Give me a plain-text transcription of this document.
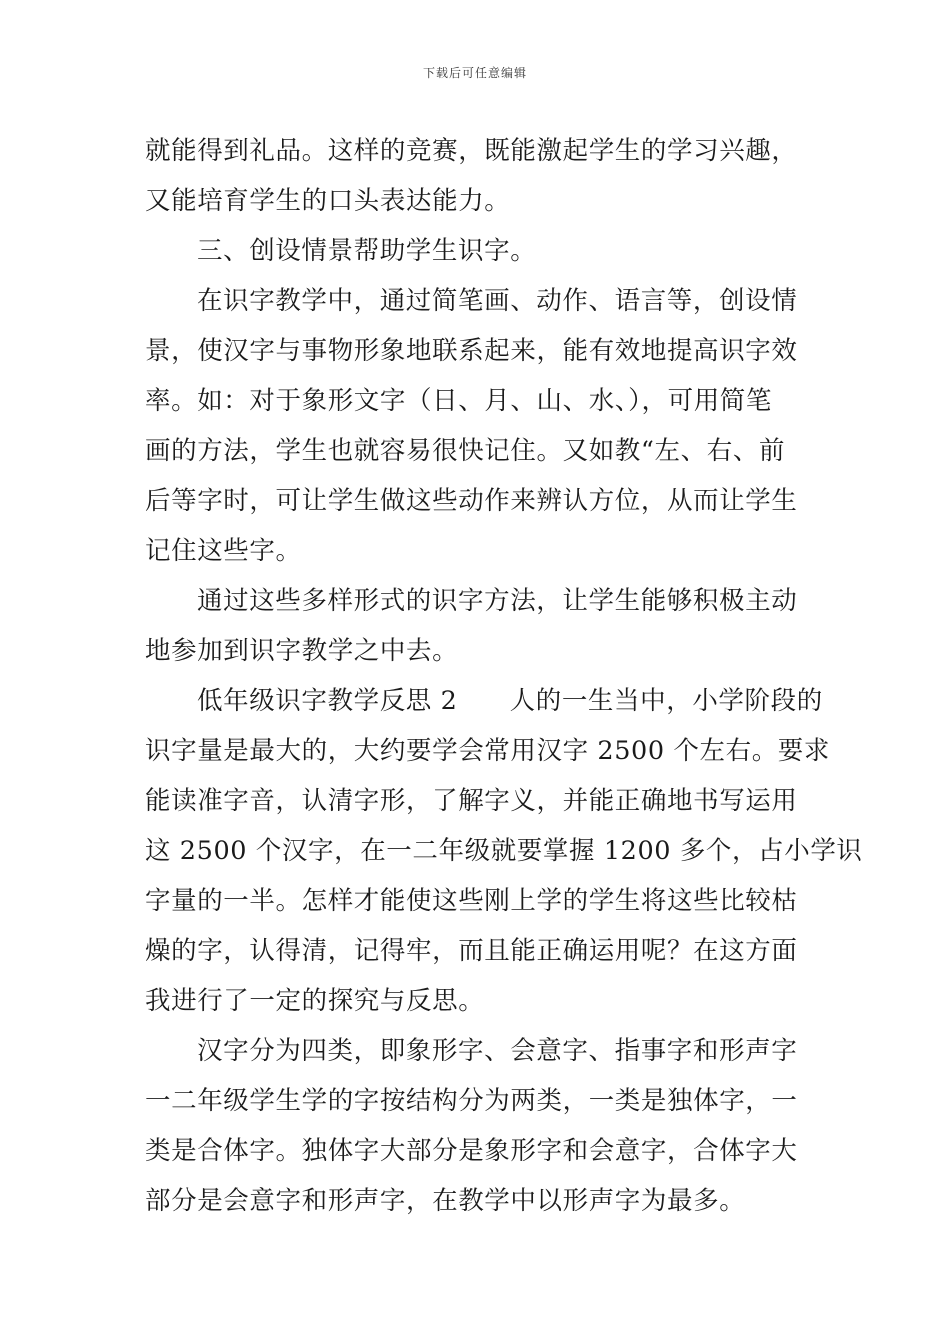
下载后可任意编辑
就能得到礼品。这样的竞赛，既能激起学生的学习兴趣，
又能培育学生的口头表达能力。
三、创设情景帮助学生识字。
在识字教学中，通过简笔画、动作、语言等，创设情
景，使汉字与事物形象地联系起来，能有效地提高识字效
率。如：对于象形文字（日、月、山、水、），可用简笔
画的方法，学生也就容易很快记住。又如教“左、右、前
后等字时，可让学生做这些动作来辨认方位，从而让学生
记住这些字。
通过这些多样形式的识字方法，让学生能够积极主动
地参加到识字教学之中去。
低年级识字教学反思 2　　人的一生当中，小学阶段的
识字量是最大的，大约要学会常用汉字 2500 个左右。要求
能读准字音，认清字形，了解字义，并能正确地书写运用
这 2500 个汉字，在一二年级就要掌握 1200 多个，占小学识
字量的一半。怎样才能使这些刚上学的学生将这些比较枯
燥的字，认得清，记得牢，而且能正确运用呢？在这方面
我进行了一定的探究与反思。
汉字分为四类，即象形字、会意字、指事字和形声字
一二年级学生学的字按结构分为两类，一类是独体字，一
类是合体字。独体字大部分是象形字和会意字，合体字大
部分是会意字和形声字，在教学中以形声字为最多。
